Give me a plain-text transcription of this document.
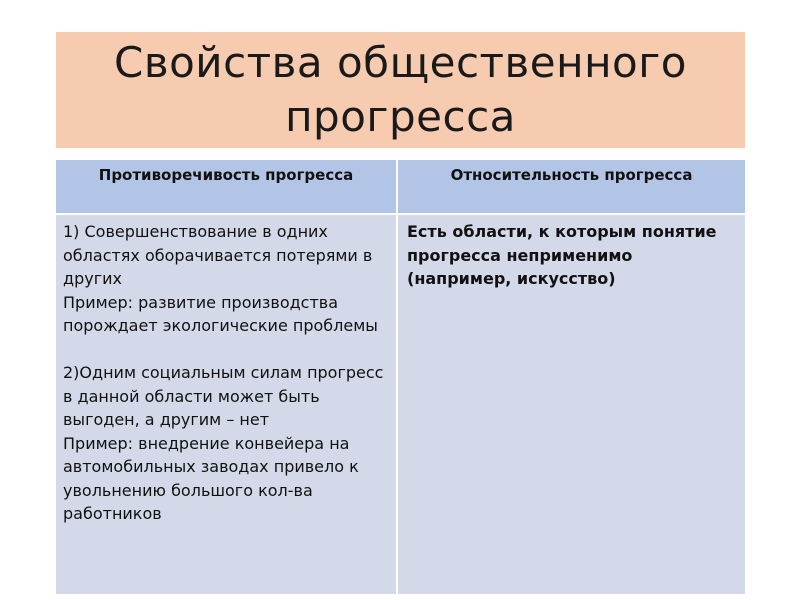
Свойства общественного
прогресса
Противоречивость прогресса	Относительность прогресса
1) Совершенствование в одних областях оборачивается потерями в других
Пример: развитие производства порождает экологические проблемы
2)Одним социальным силам прогресс в данной области может быть выгоден, а другим – нет
Пример: внедрение конвейера на автомобильных заводах привело к увольнению большого кол-ва работников
Есть области, к которым понятие прогресса неприменимо (например, искусство)
